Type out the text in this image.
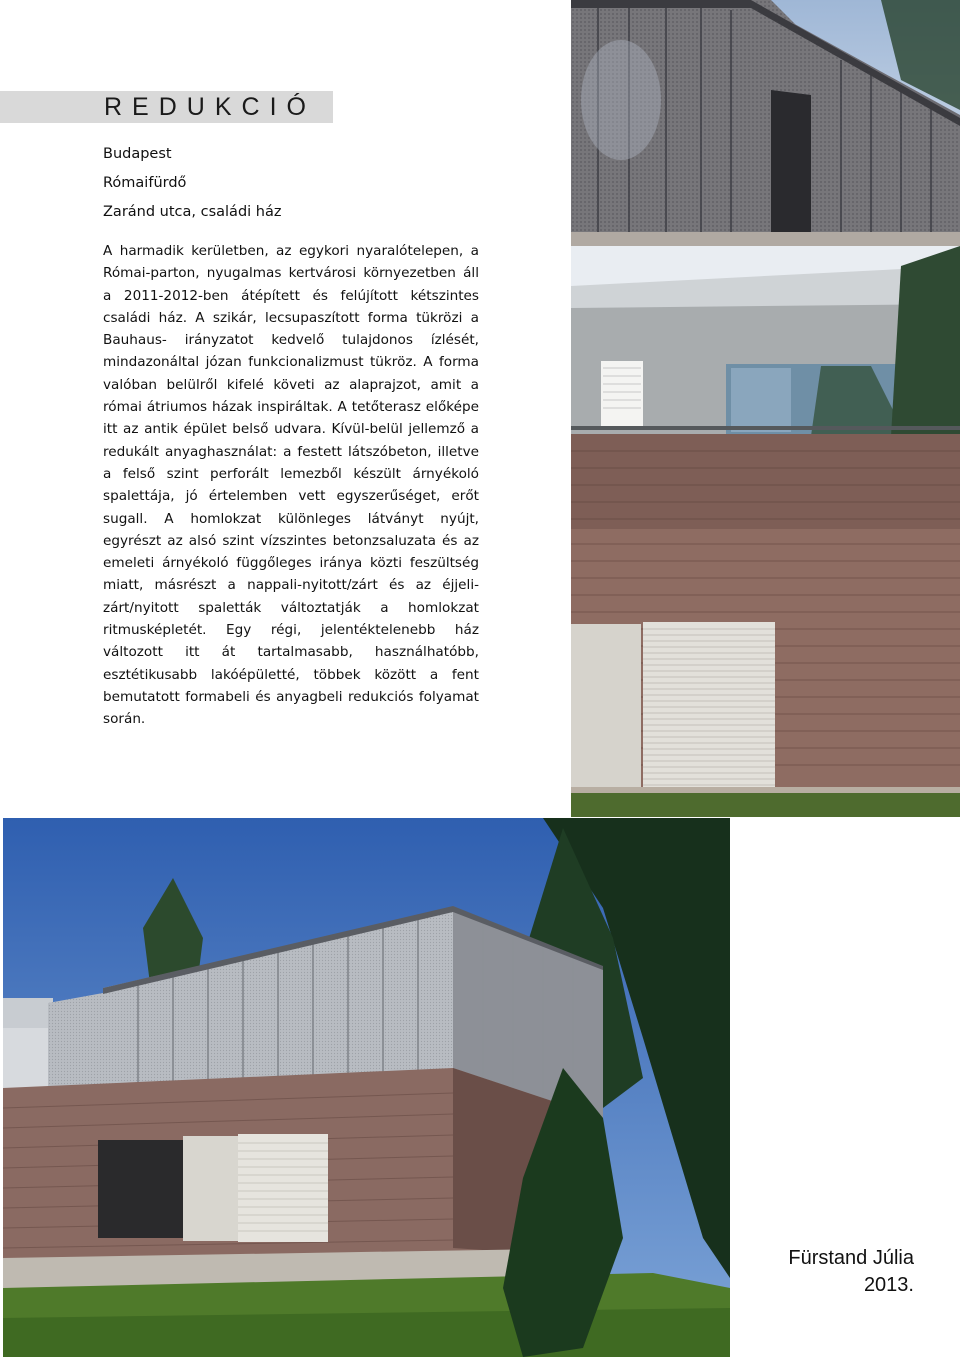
REDUKCIÓ
Budapest
Rómaifürdő
Zaránd utca, családi ház
A harmadik kerületben, az egykori nyaralótelepen, a Római-parton, nyugalmas kertvárosi környezetben áll a 2011-2012-ben átépített és felújított kétszintes családi ház. A szikár, lecsupaszított forma tükrözi a Bauhaus- irányzatot kedvelő tulajdonos ízlését, mindazonáltal józan funkcionalizmust tükröz. A forma valóban belülről kifelé követi az alaprajzot, amit a római átriumos házak inspiráltak. A tetőterasz előképe itt az antik épület belső udvara. Kívül-belül jellemző a redukált anyaghasználat: a festett látszóbeton, illetve a felső szint perforált lemezből készült árnyékoló spalettája, jó értelemben vett egyszerűséget, erőt sugall. A homlokzat különleges látványt nyújt, egyrészt az alsó szint vízszintes betonzsaluzata és az emeleti árnyékoló függőleges iránya közti feszültség miatt, másrészt a nappali-nyitott/zárt és az éjjeli-zárt/nyitott spaletták változtatják a homlokzat ritmusképletét. Egy régi, jelentéktelenebb ház változott itt át tartalmasabb, használhatóbb, esztétikusabb lakóépületté, többek között a fent bemutatott formabeli és anyagbeli redukciós folyamat során.
Fürstand Júlia
2013.
